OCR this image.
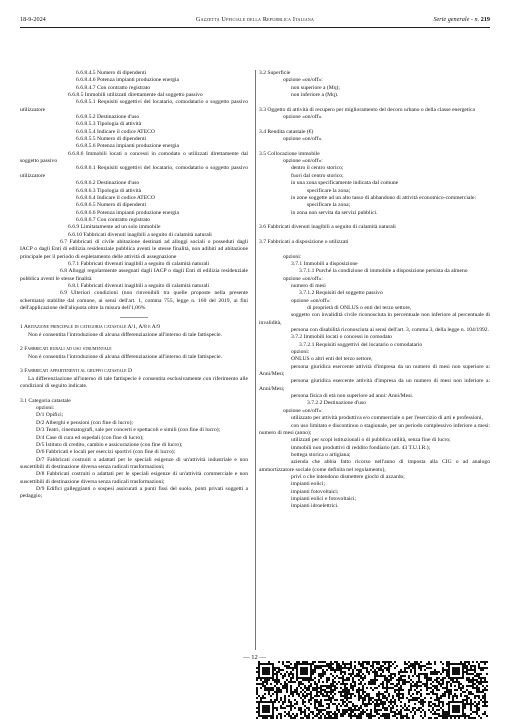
18-9-2024	Gazzetta Ufficiale della Repubblica Italiana	Serie generale - n. 219

6.6.8.4.5 Numero di dipendenti

6.6.8.4.6 Potenza impianti produzione energia

6.6.8.4.7 Con contratto registrato

6.6.8.5 Immobili utilizzati direttamente dal soggetto passivo

6.6.8.5.1 Requisiti soggettivi del locatario, comodatario o soggetto passivo utilizzatore

6.6.8.5.2 Destinazione d'uso

6.6.8.5.3 Tipologia di attività

6.6.8.5.4 Indicare il codice ATECO

6.6.8.5.5 Numero di dipendenti

6.6.8.5.6 Potenza impianti produzione energia

6.6.8.6 Immobili locati o concessi in comodato o utilizzati direttamente dal soggetto passivo

6.6.8.6.1 Requisiti soggettivi del locatario, comodatario o soggetto passivo utilizzatore

6.6.8.6.2 Destinazione d'uso

6.6.8.6.3 Tipologia di attività

6.6.8.6.4 Indicare il codice ATECO

6.6.8.6.5 Numero di dipendenti

6.6.8.6.6 Potenza impianti produzione energia

6.6.8.6.7 Con contratto registrato

6.6.9 Limitatamente ad un solo immobile

6.6.10 Fabbricati divenuti inagibili a seguito di calamità naturali

6.7 Fabbricati di civile abitazione destinati ad alloggi sociali o posseduti dagli IACP o dagli Enti di edilizia residenziale pubblica aventi le stesse finalità, non adibiti ad abitazione principale per il periodo di espletamento delle attività di assegnazione

6.7.1 Fabbricati divenuti inagibili a seguito di calamità naturali

6.8 Alloggi regolarmente assegnati dagli IACP o dagli Enti di edilizia residenziale pubblica aventi le stesse finalità

6.8.1 Fabbricati divenuti inagibili a seguito di calamità naturali

6.9 Ulteriori condizioni (non rinvenibili tra quelle proposte nella presente schermata) stabilite dal comune, ai sensi dell'art. 1, comma 755, legge n. 160 del 2019, ai fini dell'applicazione dell'aliquota oltre la misura dell'1,06%

1 Abitazione principale di categoria catastale A/1, A/8 e A/9

Non è consentita l'introduzione di alcuna differenziazione all'interno di tale fattispecie.

2 Fabbricati rurali ad uso strumentale

Non è consentita l'introduzione di alcuna differenziazione all'interno di tale fattispecie.

3 Fabbricati appartenenti al gruppo catastale D

La differenziazione all'interno di tale fattispecie è consentita esclusivamente con riferimento alle condizioni di seguito indicate.

3.1 Categoria catastale

opzioni:

D/1 Opifici;

D/2 Alberghi e pensioni (con fine di lucro);

D/3 Teatri, cinematografi, sale per concerti e spettacoli e simili (con fine di lucro);

D/4 Case di cura ed ospedali (con fine di lucro);

D/5 Istituto di credito, cambio e assicurazione (con fine di lucro);

D/6 Fabbricati e locali per esercizi sportivi (con fine di lucro);

D/7 Fabbricati costruiti o adattati per le speciali esigenze di un'attività industriale e non suscettibili di destinazione diversa senza radicali trasformazioni;

D/8 Fabbricati costruiti o adattati per le speciali esigenze di un'attività commerciale e non suscettibili di destinazione diversa senza radicali trasformazioni;

D/9 Edifici galleggianti o sospesi assicurati a punti fissi del suolo, ponti privati soggetti a pedaggio;

3.2 Superficie

opzione «on/off»:

non superiore a (Mq);

non inferiore a (Mq).

3.3 Oggetto di attività di recupero per miglioramento del decoro urbano o della classe energetica

opzione «on/off».

3.4 Rendita catastale (€)

opzione «on/off».

3.5 Collocazione immobile

opzione «on/off»:

dentro il centro storico;

fuori dal centro storico;

in una zona specificamente indicata dal comune

specificare la zona;

in zone soggette ad un alto tasso di abbandono di attività economico-commerciale:

specificare la zona;

in zona non servita da servizi pubblici.

3.6 Fabbricati divenuti inagibili a seguito di calamità naturali

3.7 Fabbricati a disposizione o utilizzati

opzioni:

3.7.1 Immobili a disposizione

3.7.1.1 Purché la condizione di immobile a disposizione persista da almeno

opzione «on/off»:

numero di mesi

3.7.1.2 Requisiti del soggetto passivo

opzione «on/off»:

di proprietà di ONLUS o enti del terzo settore,

soggetto con invalidità civile riconosciuta in percentuale non inferiore al percentuale di invalidità,

persona con disabilità riconosciuta ai sensi dell'art. 3, comma 3, della legge n. 104/1992.

3.7.2 Immobili locati o concessi in comodato

3.7.2.1 Requisiti soggettivi del locatario o comodatario

opzioni:

ONLUS o altri enti del terzo settore,

persona giuridica esercente attività d'impresa da un numero di mesi non superiore a: Anni/Mesi;

persona giuridica esercente attività d'impresa da un numero di mesi non inferiore a: Anni/Mesi;

persona fisica di età non superiore ad anni: Anni/Mesi.

3.7.2.2 Destinazione d'uso

opzione «on/off»:

utilizzato per attività produttiva e/o commerciale o per l'esercizio di arti e professioni,

con uso limitato e discontinuo o stagionale, per un periodo complessivo inferiore a mesi: numero di mesi (anno);

utilizzati per scopi istituzionali o di pubblica utilità, senza fine di lucro;

immobili non produttivi di reddito fondiario (art. 43 T.U.I.R.);

bottega storica o artigiana;

azienda che abbia fatto ricorso nell'anno di imposta alla CIG o ad analogo ammortizzatore sociale (come definita nel regolamento),

privi o che intendono dismettere giochi di azzardo;

impianti eolici;

impianti fotovoltaici;

impianti eolici e fotovoltaici;

impianti idroelettrici.

— 12 —
